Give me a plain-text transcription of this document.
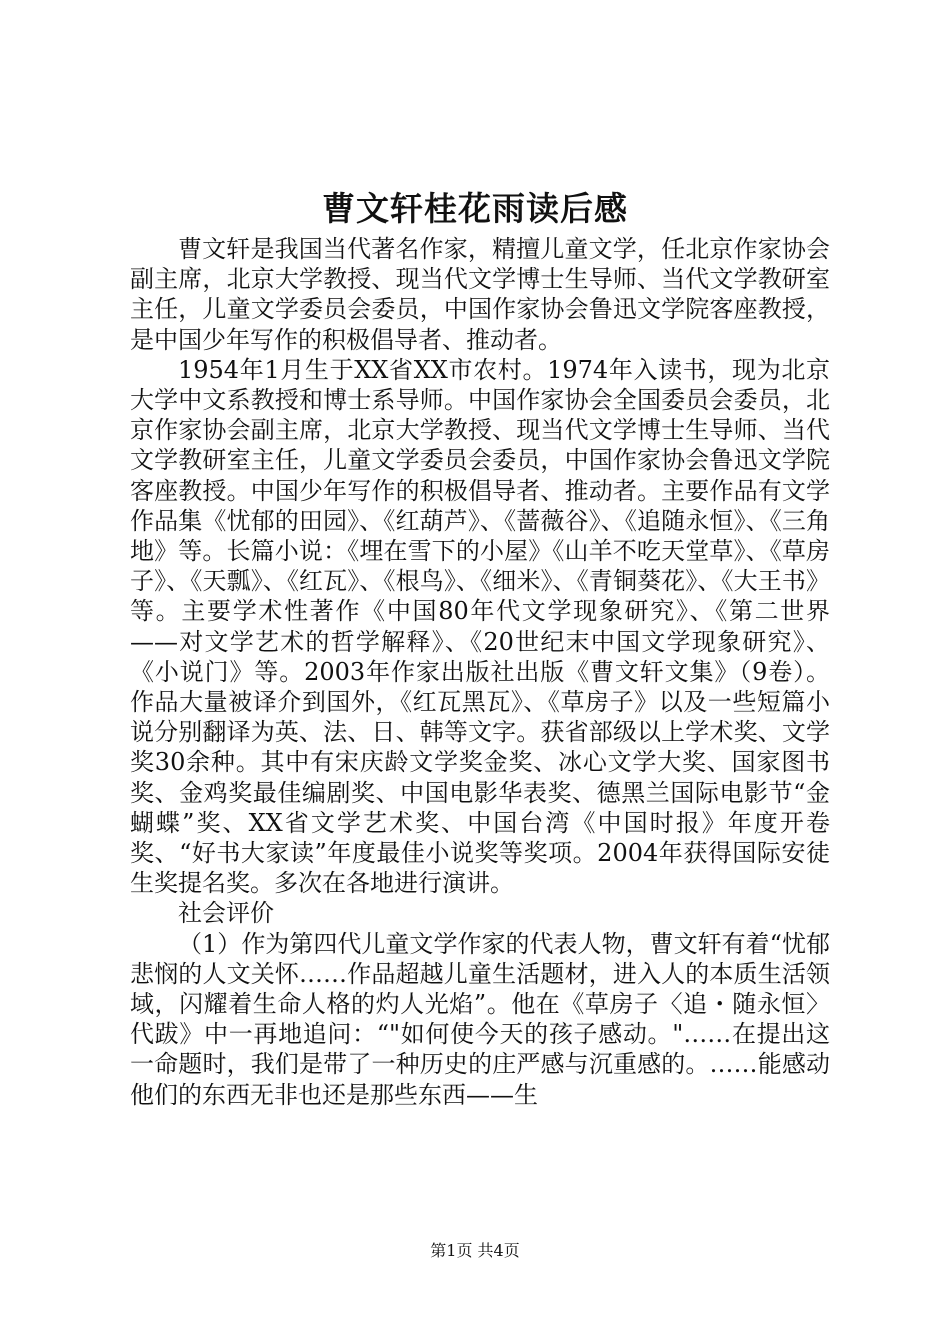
曹文轩桂花雨读后感

曹文轩是我国当代著名作家，精擅儿童文学，任北京作家协会副主席，北京大学教授、现当代文学博士生导师、当代文学教研室主任，儿童文学委员会委员，中国作家协会鲁迅文学院客座教授，是中国少年写作的积极倡导者、推动者。

1954年1月生于XX省XX市农村。1974年入读书，现为北京大学中文系教授和博士系导师。中国作家协会全国委员会委员，北京作家协会副主席，北京大学教授、现当代文学博士生导师、当代文学教研室主任，儿童文学委员会委员，中国作家协会鲁迅文学院客座教授。中国少年写作的积极倡导者、推动者。主要作品有文学作品集《忧郁的田园》、《红葫芦》、《蔷薇谷》、《追随永恒》、《三角地》等。长篇小说：《埋在雪下的小屋》《山羊不吃天堂草》、《草房子》、《天瓢》、《红瓦》、《根鸟》、《细米》、《青铜葵花》、《大王书》等。主要学术性著作《中国80年代文学现象研究》、《第二世界——对文学艺术的哲学解释》、《20世纪末中国文学现象研究》、《小说门》等。2003年作家出版社出版《曹文轩文集》（9卷）。作品大量被译介到国外，《红瓦黑瓦》、《草房子》以及一些短篇小说分别翻译为英、法、日、韩等文字。获省部级以上学术奖、文学奖30余种。其中有宋庆龄文学奖金奖、冰心文学大奖、国家图书奖、金鸡奖最佳编剧奖、中国电影华表奖、德黑兰国际电影节“金蝴蝶”奖、XX省文学艺术奖、中国台湾《中国时报》年度开卷奖、“好书大家读”年度最佳小说奖等奖项。2004年获得国际安徒生奖提名奖。多次在各地进行演讲。

社会评价

（1）作为第四代儿童文学作家的代表人物，曹文轩有着“忧郁悲悯的人文关怀……作品超越儿童生活题材，进入人的本质生活领域，闪耀着生命人格的灼人光焰”。他在《草房子〈追・随永恒〉代跋》中一再地追问：“"如何使今天的孩子感动。"……在提出这一命题时，我们是带了一种历史的庄严感与沉重感的。……能感动他们的东西无非也还是那些东西——生

第1页 共4页
